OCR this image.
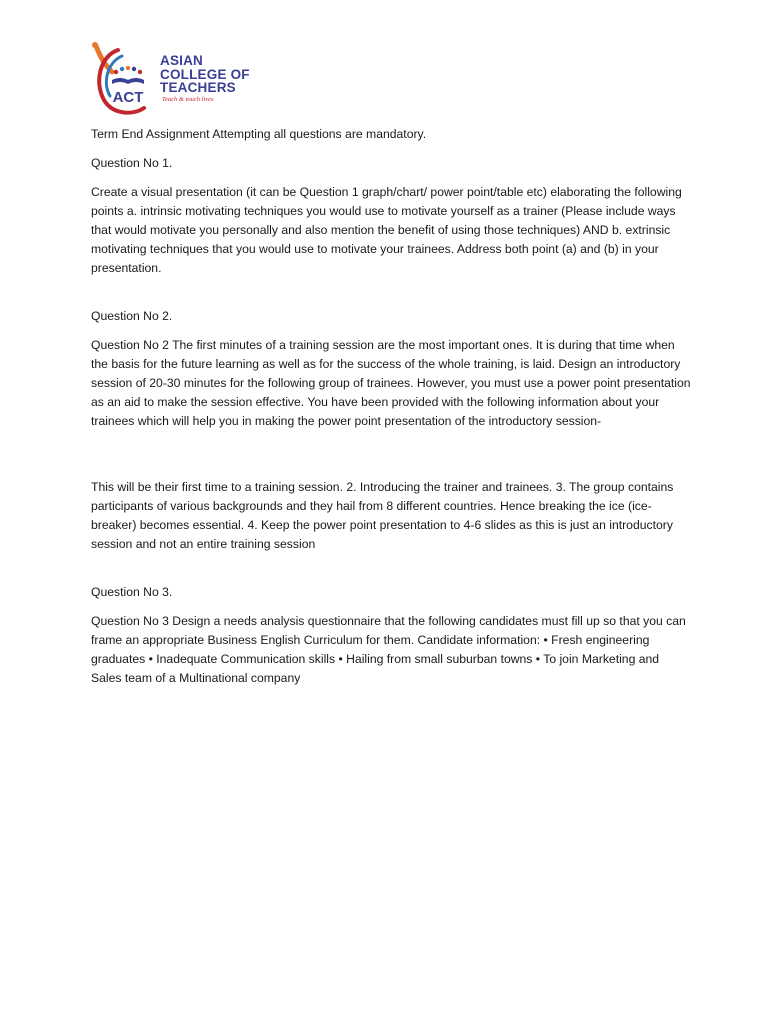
ACT
ASIAN
COLLEGE OF
TEACHERS
Teach & touch lives

Term End Assignment Attempting all questions are mandatory.

Question No 1.

Create a visual presentation (it can be Question 1 graph/chart/ power point/table etc) elaborating the following points a. intrinsic motivating techniques you would use to motivate yourself as a trainer (Please include ways that would motivate you personally and also mention the benefit of using those techniques) AND b. extrinsic motivating techniques that you would use to motivate your trainees. Address both point (a) and (b) in your presentation.

Question No 2.

Question No 2 The first minutes of a training session are the most important ones. It is during that time when the basis for the future learning as well as for the success of the whole training, is laid. Design an introductory session of 20-30 minutes for the following group of trainees. However, you must use a power point presentation as an aid to make the session effective. You have been provided with the following information about your trainees which will help you in making the power point presentation of the introductory session-

This will be their first time to a training session. 2. Introducing the trainer and trainees. 3. The group contains participants of various backgrounds and they hail from 8 different countries. Hence breaking the ice (ice-breaker) becomes essential. 4. Keep the power point presentation to 4-6 slides as this is just an introductory session and not an entire training session

Question No 3.

Question No 3 Design a needs analysis questionnaire that the following candidates must fill up so that you can frame an appropriate Business English Curriculum for them. Candidate information: • Fresh engineering graduates • Inadequate Communication skills • Hailing from small suburban towns • To join Marketing and Sales team of a Multinational company
